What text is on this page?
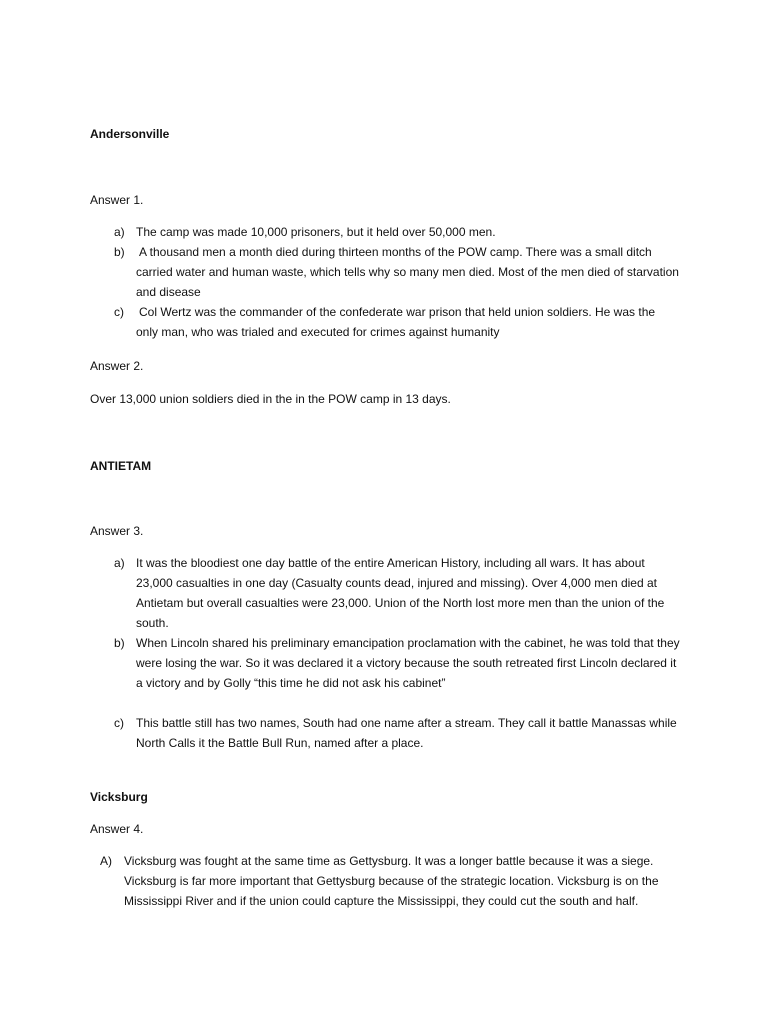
Andersonville
Answer 1.
a) The camp was made 10,000 prisoners, but it held over 50,000 men.
b) A thousand men a month died during thirteen months of the POW camp. There was a small ditch carried water and human waste, which tells why so many men died. Most of the men died of starvation and disease
c) Col Wertz was the commander of the confederate war prison that held union soldiers. He was the only man, who was trialed and executed for crimes against humanity
Answer 2.
Over 13,000 union soldiers died in the in the POW camp in 13 days.
ANTIETAM
Answer 3.
a) It was the bloodiest one day battle of the entire American History, including all wars. It has about 23,000 casualties in one day (Casualty counts dead, injured and missing). Over 4,000 men died at Antietam but overall casualties were 23,000. Union of the North lost more men than the union of the south.
b) When Lincoln shared his preliminary emancipation proclamation with the cabinet, he was told that they were losing the war. So it was declared it a victory because the south retreated first Lincoln declared it a victory and by Golly “this time he did not ask his cabinet”
c) This battle still has two names, South had one name after a stream. They call it battle Manassas while North Calls it the Battle Bull Run, named after a place.
Vicksburg
Answer 4.
A) Vicksburg was fought at the same time as Gettysburg. It was a longer battle because it was a siege. Vicksburg is far more important that Gettysburg because of the strategic location. Vicksburg is on the Mississippi River and if the union could capture the Mississippi, they could cut the south and half.
